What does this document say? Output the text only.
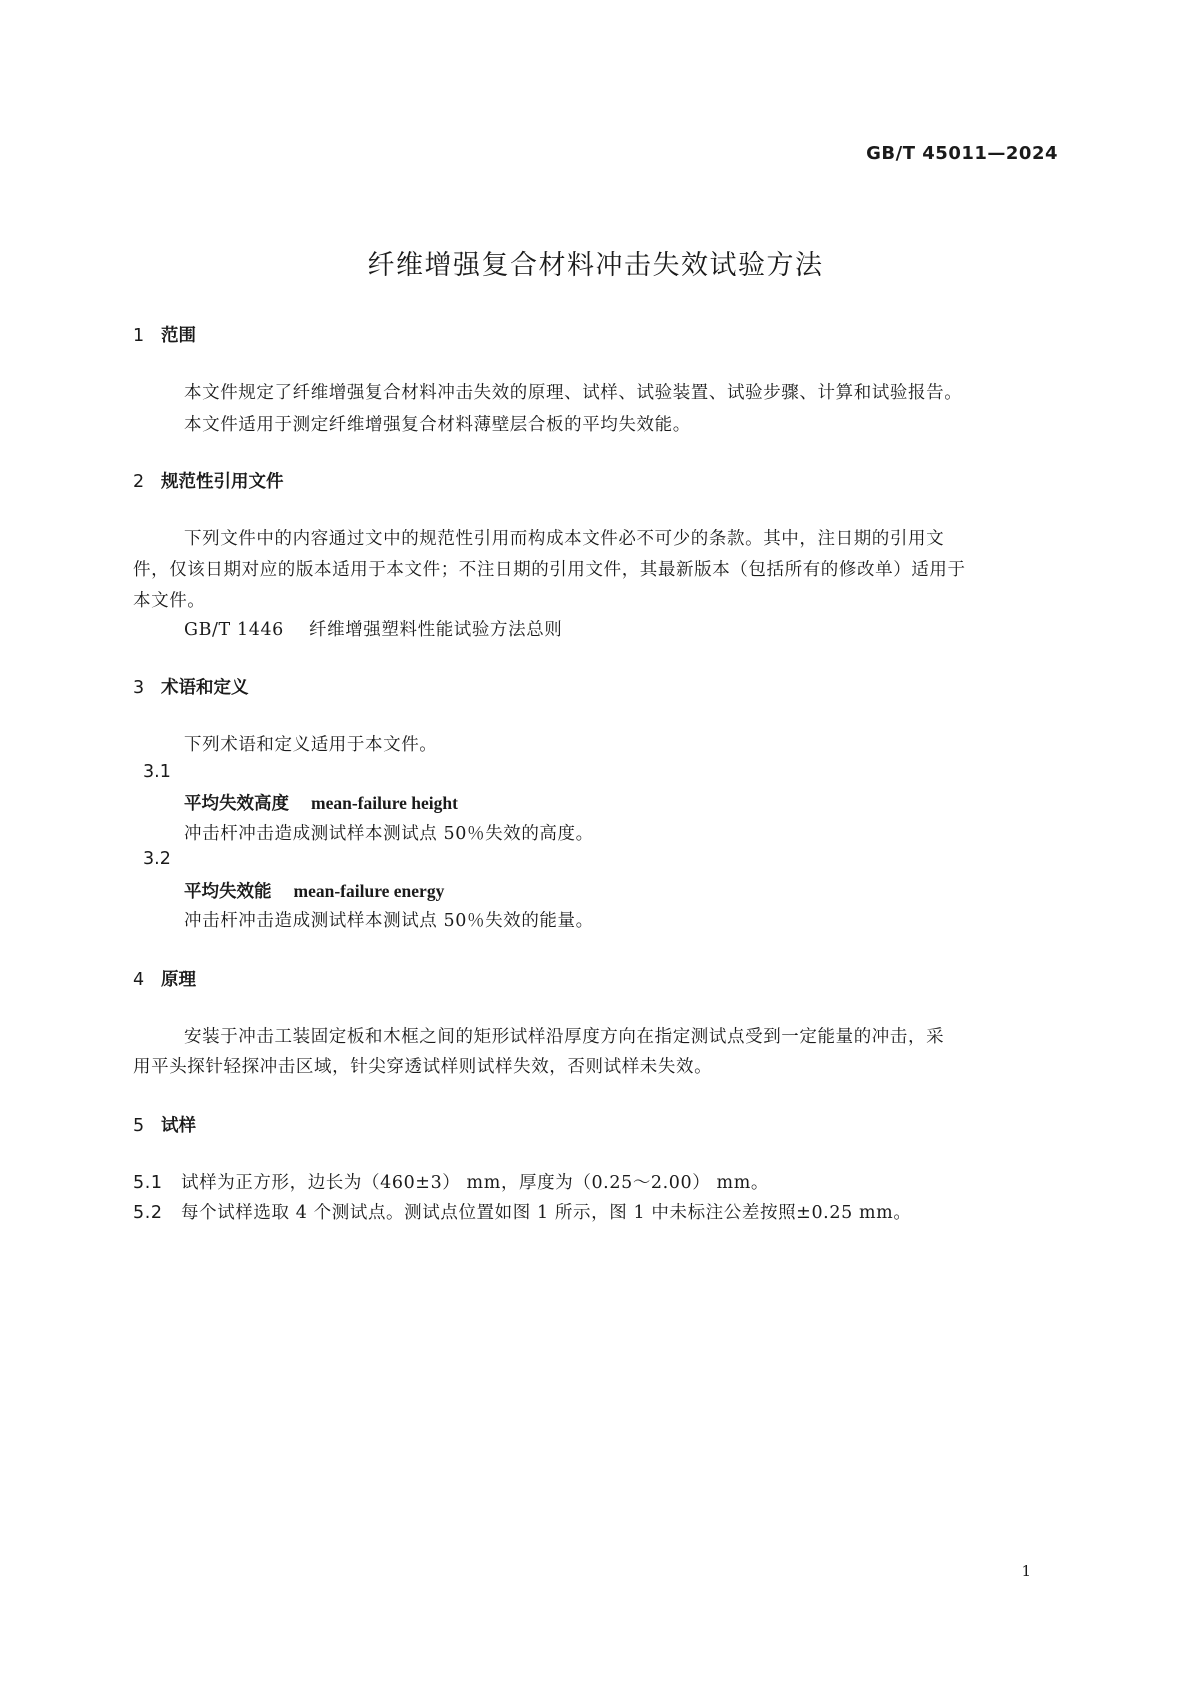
GB/T 45011—2024
纤维增强复合材料冲击失效试验方法
1 范围
本文件规定了纤维增强复合材料冲击失效的原理、试样、试验装置、试验步骤、计算和试验报告。
本文件适用于测定纤维增强复合材料薄壁层合板的平均失效能。
2 规范性引用文件
下列文件中的内容通过文中的规范性引用而构成本文件必不可少的条款。其中，注日期的引用文
件，仅该日期对应的版本适用于本文件；不注日期的引用文件，其最新版本（包括所有的修改单）适用于
本文件。
GB/T 1446 纤维增强塑料性能试验方法总则
3 术语和定义
下列术语和定义适用于本文件。
3.1
平均失效高度 mean-failure height
冲击杆冲击造成测试样本测试点 50％失效的高度。
3.2
平均失效能 mean-failure energy
冲击杆冲击造成测试样本测试点 50％失效的能量。
4 原理
安装于冲击工装固定板和木框之间的矩形试样沿厚度方向在指定测试点受到一定能量的冲击，采
用平头探针轻探冲击区域，针尖穿透试样则试样失效，否则试样未失效。
5 试样
5.1 试样为正方形，边长为（460±3） mm，厚度为（0.25～2.00） mm。
5.2 每个试样选取 4 个测试点。测试点位置如图 1 所示，图 1 中未标注公差按照±0.25 mm。
1
